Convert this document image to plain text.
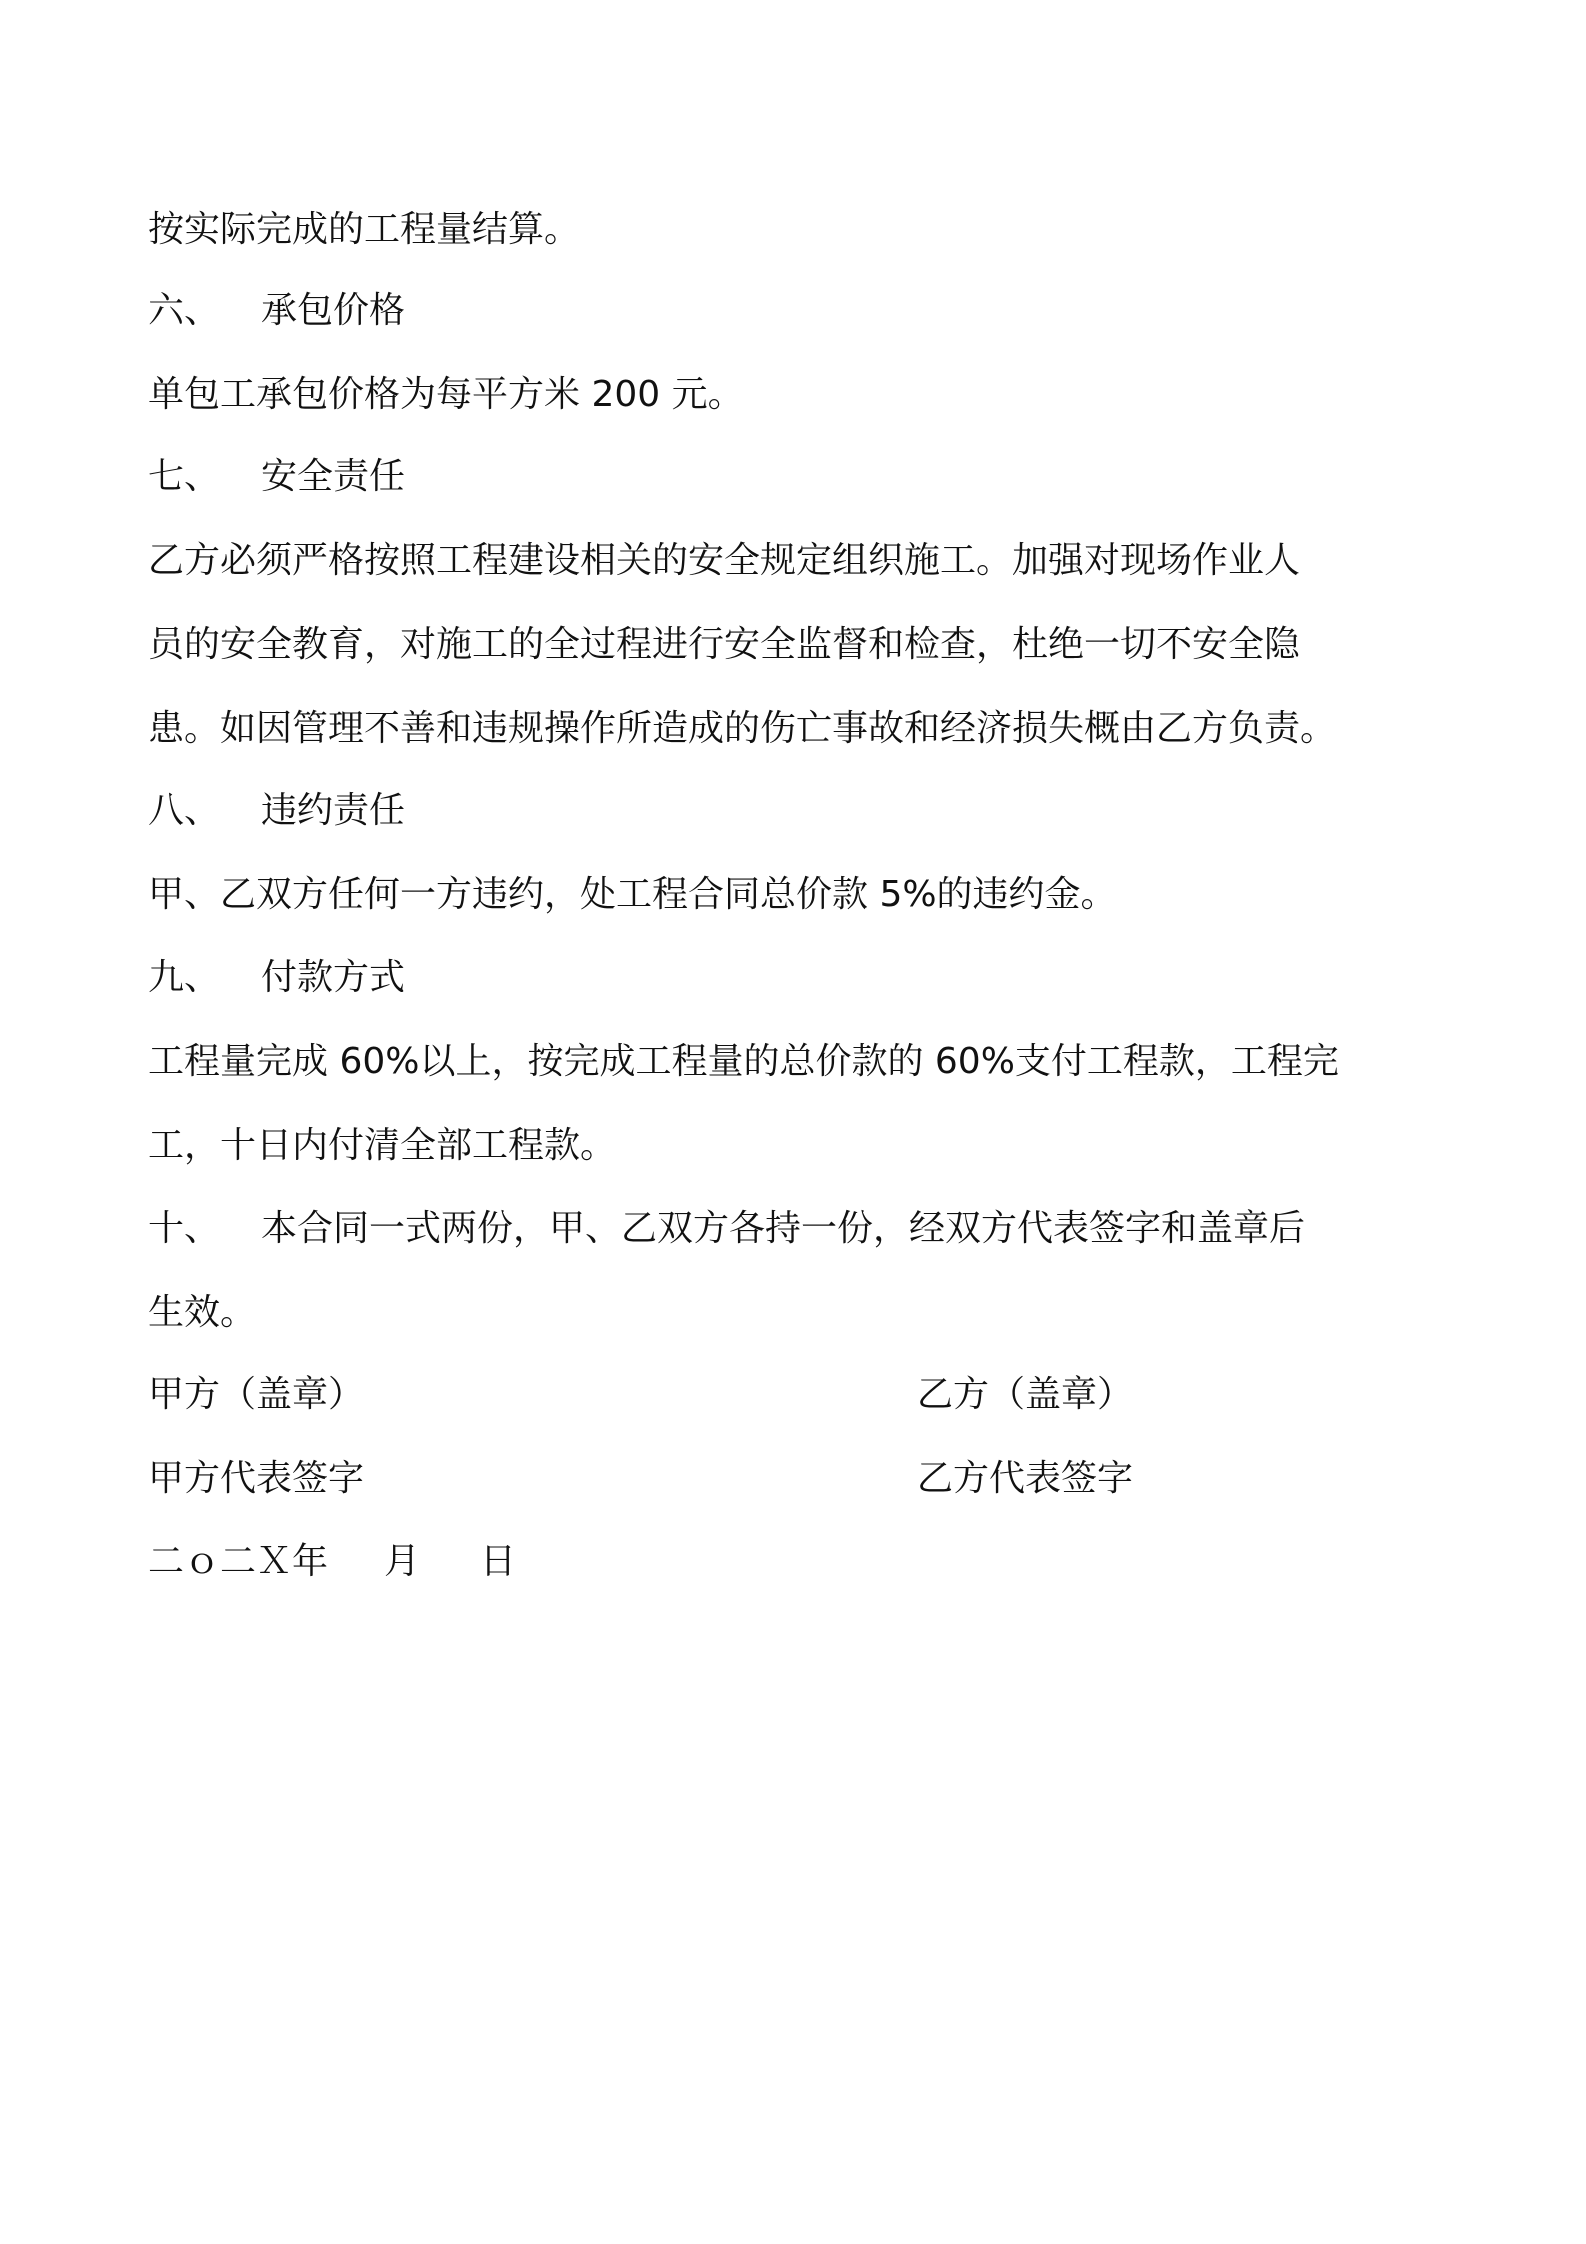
按实际完成的工程量结算。
六、 承包价格
单包工承包价格为每平方米 200 元。
七、 安全责任
乙方必须严格按照工程建设相关的安全规定组织施工。加强对现场作业人
员的安全教育，对施工的全过程进行安全监督和检查，杜绝一切不安全隐
患。如因管理不善和违规操作所造成的伤亡事故和经济损失概由乙方负责。
八、 违约责任
甲、乙双方任何一方违约，处工程合同总价款 5%的违约金。
九、 付款方式
工程量完成 60%以上，按完成工程量的总价款的 60%支付工程款，工程完
工，十日内付清全部工程款。
十、 本合同一式两份，甲、乙双方各持一份，经双方代表签字和盖章后
生效。
甲方（盖章）	乙方（盖章）
甲方代表签字	乙方代表签字
二ｏ二Ｘ年 月 日
